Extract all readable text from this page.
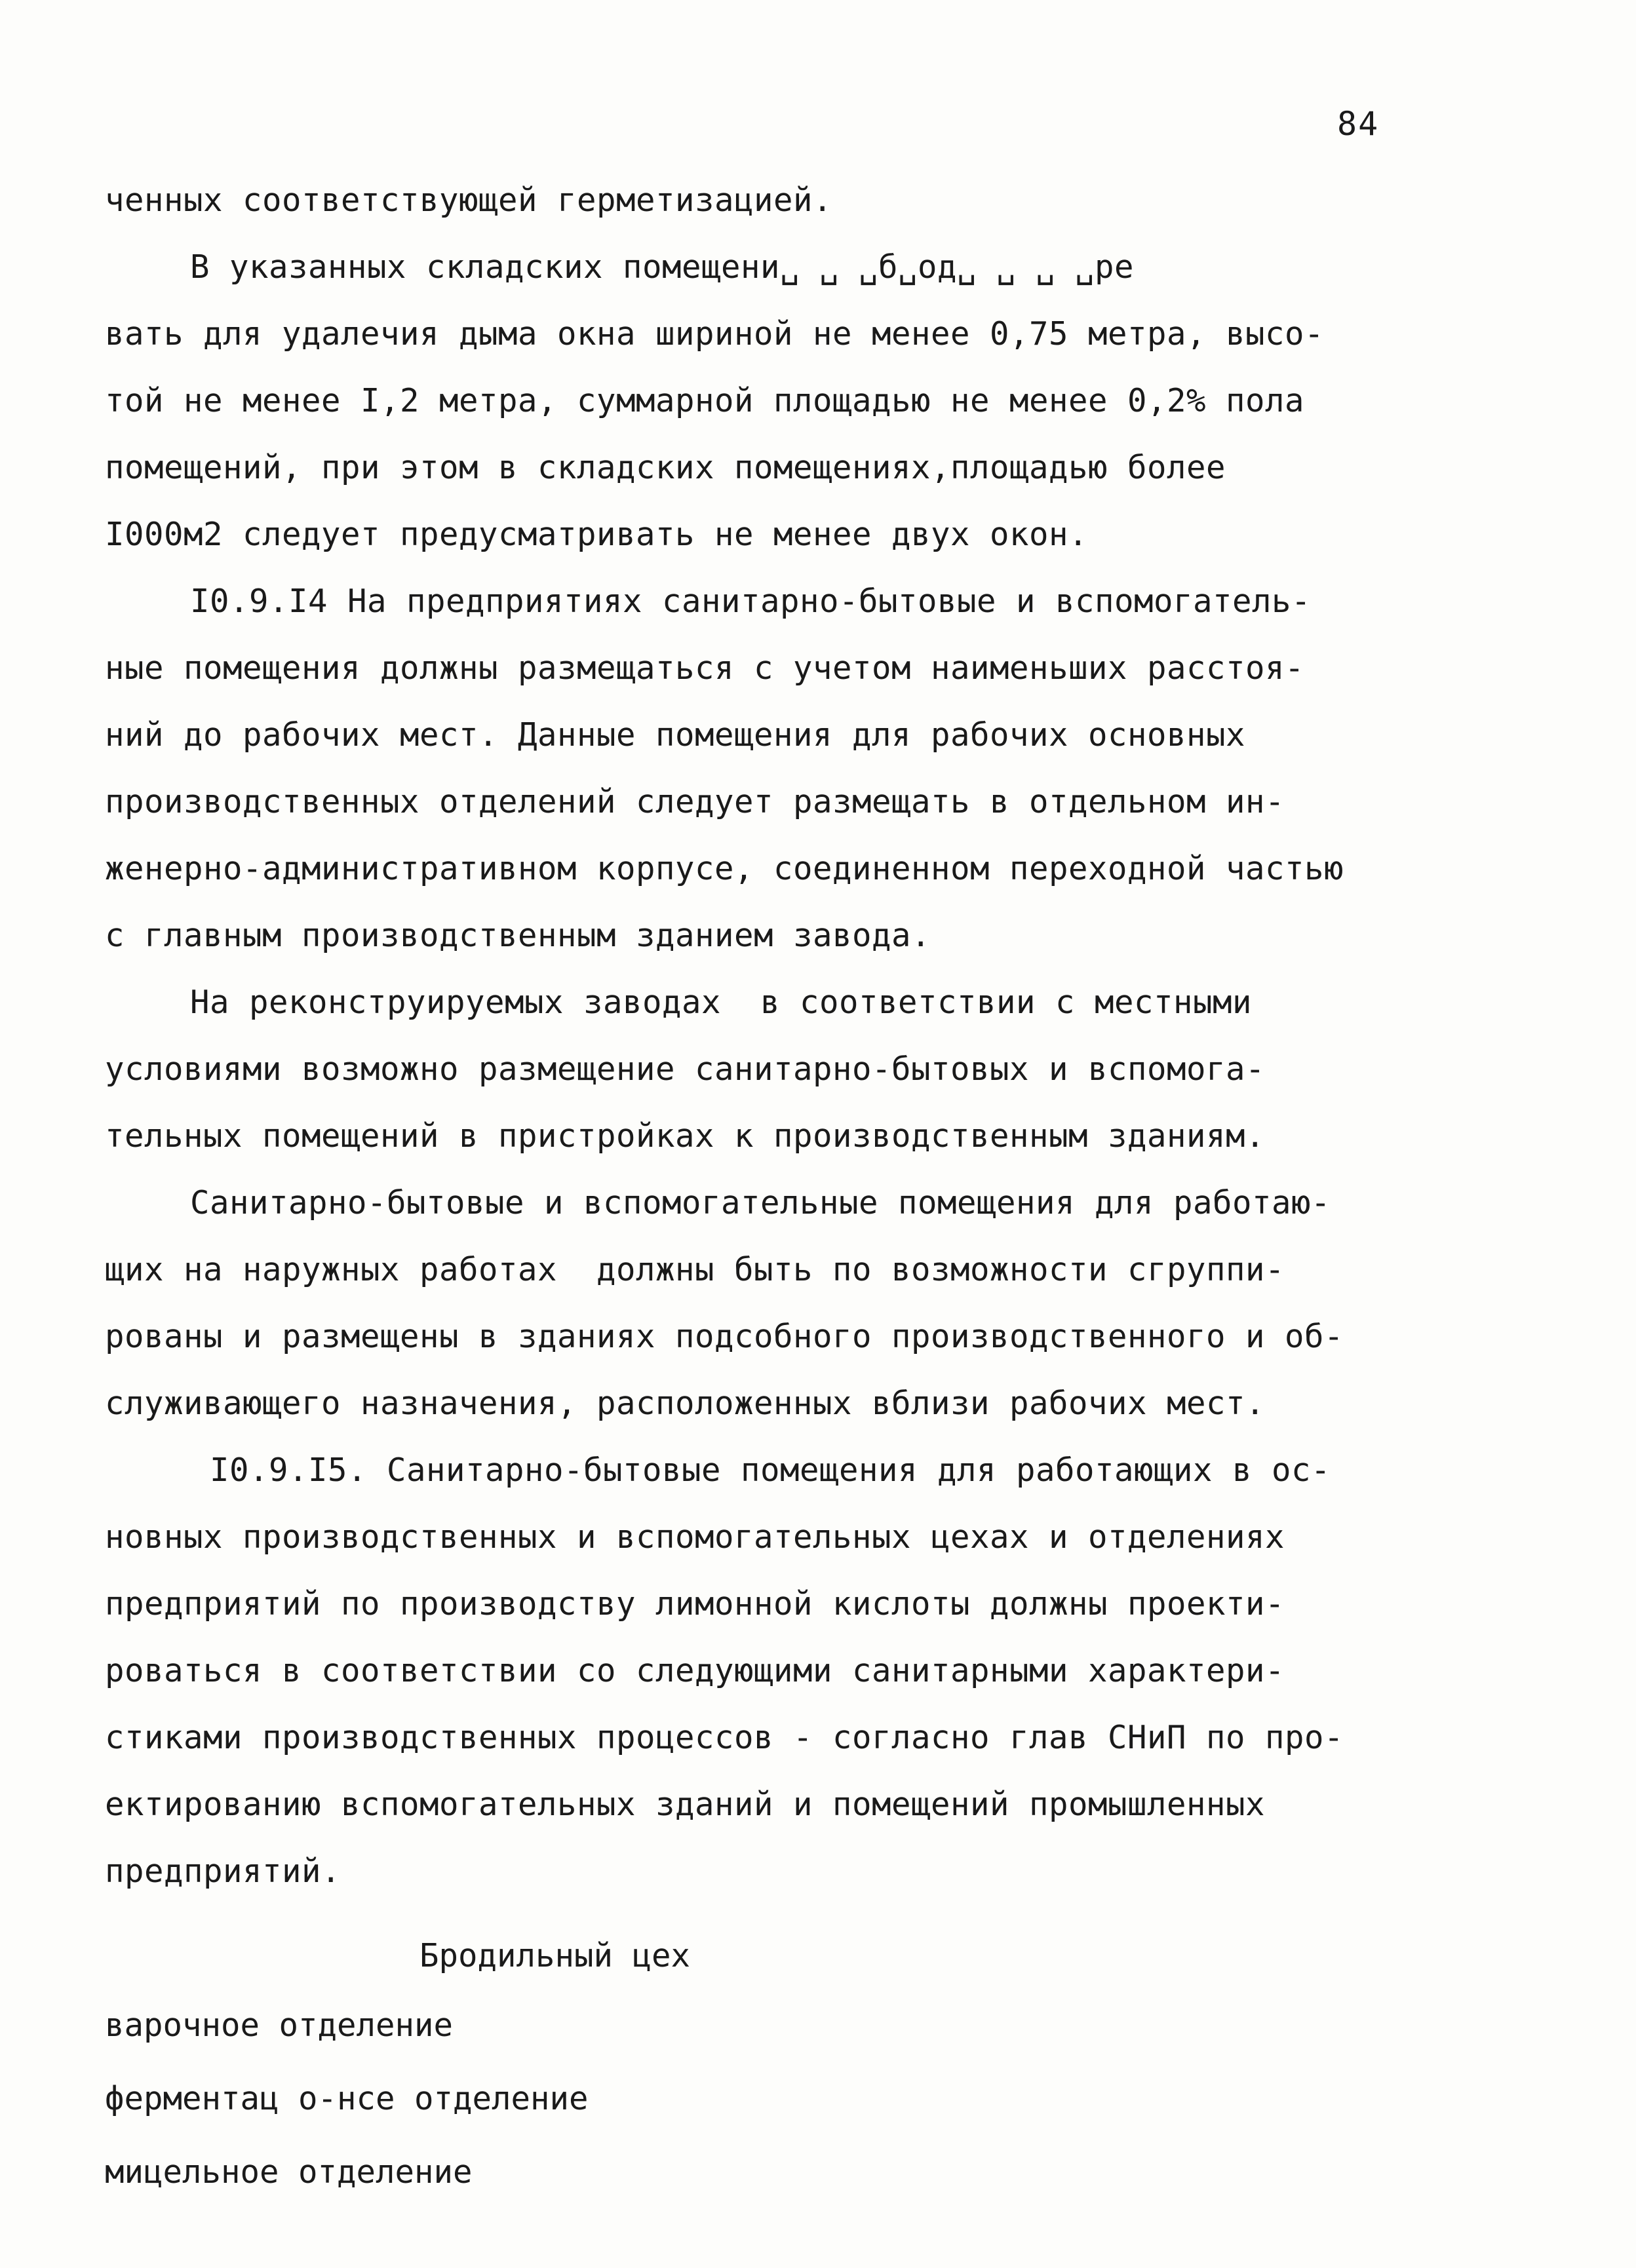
84
ченных соответствующей герметизацией.
В указанных складских помещени␣ ␣ ␣б␣од␣ ␣ ␣ ␣ре
вать для удалечия дыма окна шириной не менее 0,75 метра, высо-
той не менее I,2 метра, суммарной площадью не менее 0,2% пола
помещений, при этом в складских помещениях,площадью более
I000м2 следует предусматривать не менее двух окон.
I0.9.I4 На предприятиях санитарно-бытовые и вспомогатель-
ные помещения должны размещаться с учетом наименьших расстоя-
ний до рабочих мест. Данные помещения для рабочих основных
производственных отделений следует размещать в отдельном ин-
женерно-административном корпусе, соединенном переходной частью
с главным производственным зданием завода.
На реконструируемых заводах  в соответствии с местными
условиями возможно размещение санитарно-бытовых и вспомога-
тельных помещений в пристройках к производственным зданиям.
Санитарно-бытовые и вспомогательные помещения для работаю-
щих на наружных работах  должны быть по возможности сгруппи-
рованы и размещены в зданиях подсобного производственного и об-
служивающего назначения, расположенных вблизи рабочих мест.
I0.9.I5. Санитарно-бытовые помещения для работающих в ос-
новных производственных и вспомогательных цехах и отделениях
предприятий по производству лимонной кислоты должны проекти-
роваться в соответствии со следующими санитарными характери-
стиками производственных процессов - согласно глав СНиП по про-
ектированию вспомогательных зданий и помещений промышленных
предприятий.
Бродильный цех
варочное отделение
ферментац о-нсе отделение
мицельное отделение
